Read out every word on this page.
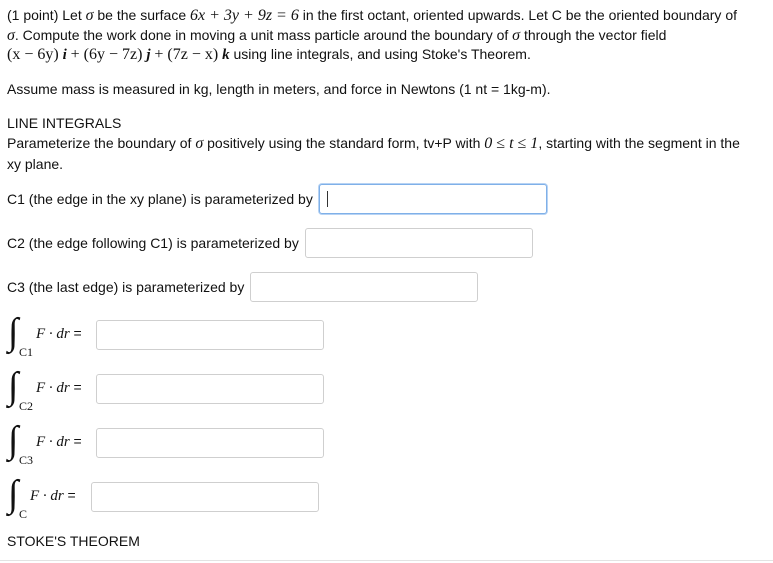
(1 point) Let σ be the surface 6x + 3y + 9z = 6 in the first octant, oriented upwards. Let C be the oriented boundary of
σ. Compute the work done in moving a unit mass particle around the boundary of σ through the vector field
(x − 6y) i + (6y − 7z) j + (7z − x) k using line integrals, and using Stoke's Theorem.

Assume mass is measured in kg, length in meters, and force in Newtons (1 nt = 1kg-m).

LINE INTEGRALS

Parameterize the boundary of σ positively using the standard form, tv+P with 0 ≤ t ≤ 1, starting with the segment in the
xy plane.

C1 (the edge in the xy plane) is parameterized by
C2 (the edge following C1) is parameterized by
C3 (the last edge) is parameterized by
∫ C1
F · dr =
∫ C2
F · dr =
∫ C3
F · dr =
∫ C
F · dr =

STOKE'S THEOREM
